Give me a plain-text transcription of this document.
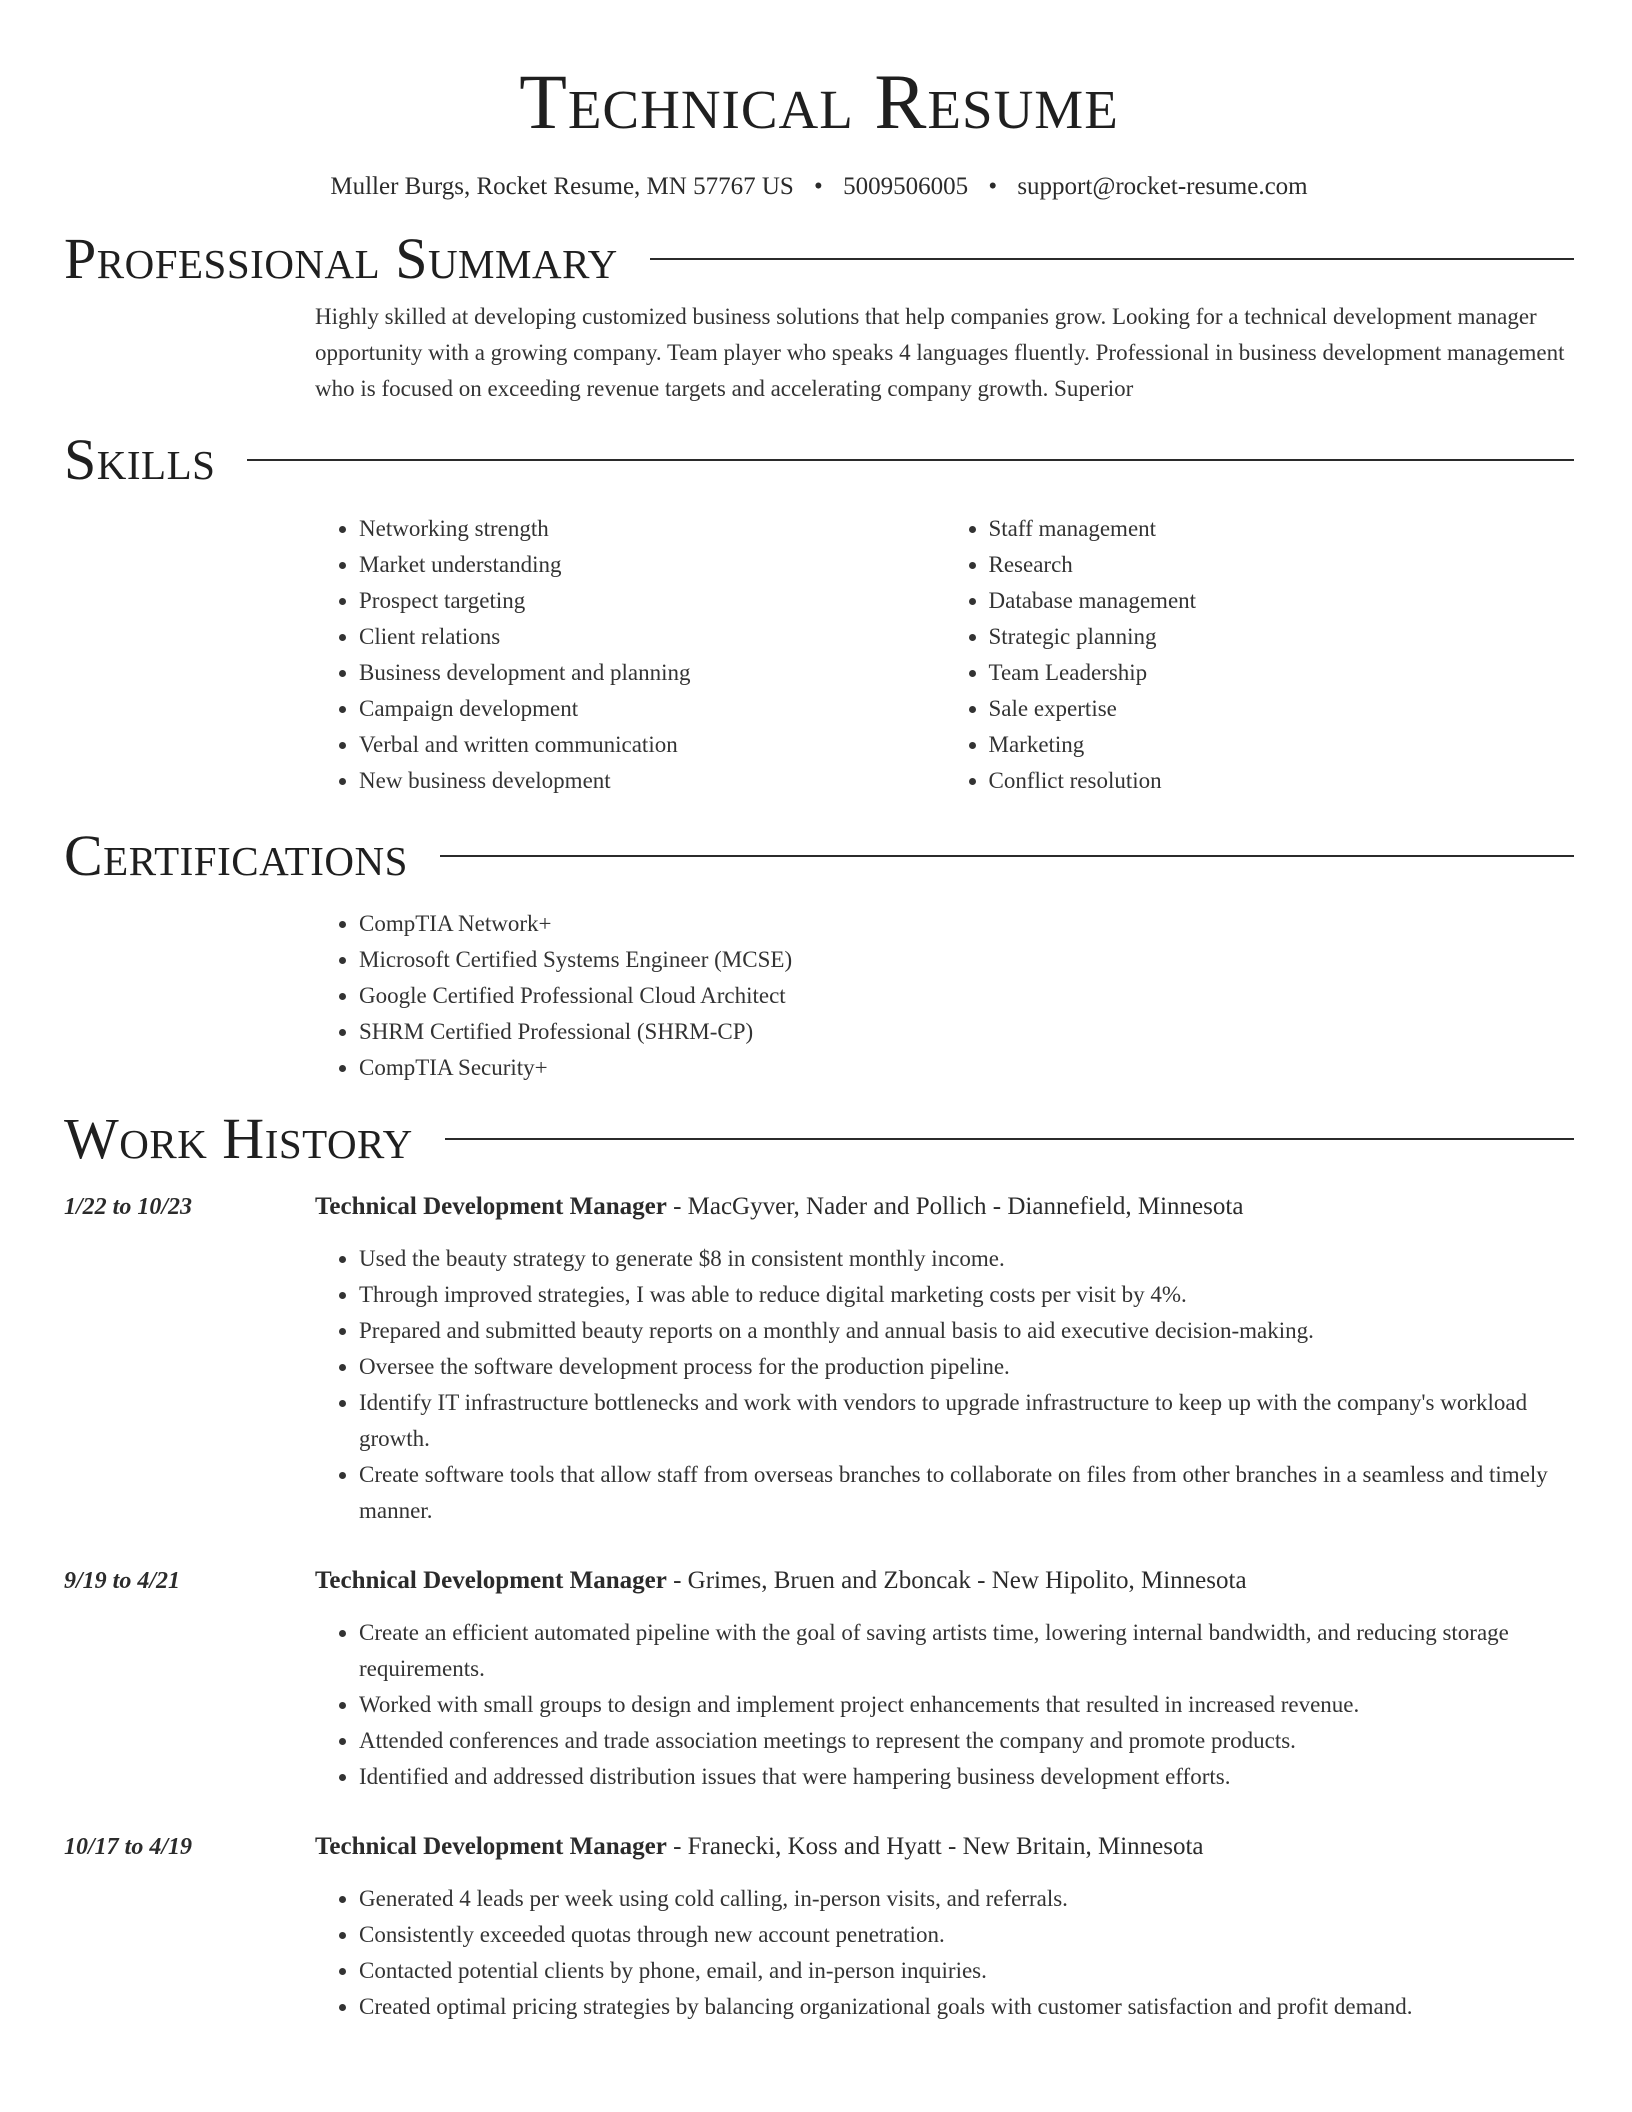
Technical Resume
Muller Burgs, Rocket Resume, MN 57767 US • 5009506005 • support@rocket-resume.com
Professional Summary
Highly skilled at developing customized business solutions that help companies grow. Looking for a technical development manager opportunity with a growing company. Team player who speaks 4 languages fluently. Professional in business development management who is focused on exceeding revenue targets and accelerating company growth. Superior
Skills
• Networking strength
• Market understanding
• Prospect targeting
• Client relations
• Business development and planning
• Campaign development
• Verbal and written communication
• New business development
• Staff management
• Research
• Database management
• Strategic planning
• Team Leadership
• Sale expertise
• Marketing
• Conflict resolution
Certifications
• CompTIA Network+
• Microsoft Certified Systems Engineer (MCSE)
• Google Certified Professional Cloud Architect
• SHRM Certified Professional (SHRM-CP)
• CompTIA Security+
Work History
1/22 to 10/23	Technical Development Manager - MacGyver, Nader and Pollich - Diannefield, Minnesota
• Used the beauty strategy to generate $8 in consistent monthly income.
• Through improved strategies, I was able to reduce digital marketing costs per visit by 4%.
• Prepared and submitted beauty reports on a monthly and annual basis to aid executive decision-making.
• Oversee the software development process for the production pipeline.
• Identify IT infrastructure bottlenecks and work with vendors to upgrade infrastructure to keep up with the company's workload growth.
• Create software tools that allow staff from overseas branches to collaborate on files from other branches in a seamless and timely manner.
9/19 to 4/21	Technical Development Manager - Grimes, Bruen and Zboncak - New Hipolito, Minnesota
• Create an efficient automated pipeline with the goal of saving artists time, lowering internal bandwidth, and reducing storage requirements.
• Worked with small groups to design and implement project enhancements that resulted in increased revenue.
• Attended conferences and trade association meetings to represent the company and promote products.
• Identified and addressed distribution issues that were hampering business development efforts.
10/17 to 4/19	Technical Development Manager - Franecki, Koss and Hyatt - New Britain, Minnesota
• Generated 4 leads per week using cold calling, in-person visits, and referrals.
• Consistently exceeded quotas through new account penetration.
• Contacted potential clients by phone, email, and in-person inquiries.
• Created optimal pricing strategies by balancing organizational goals with customer satisfaction and profit demand.
